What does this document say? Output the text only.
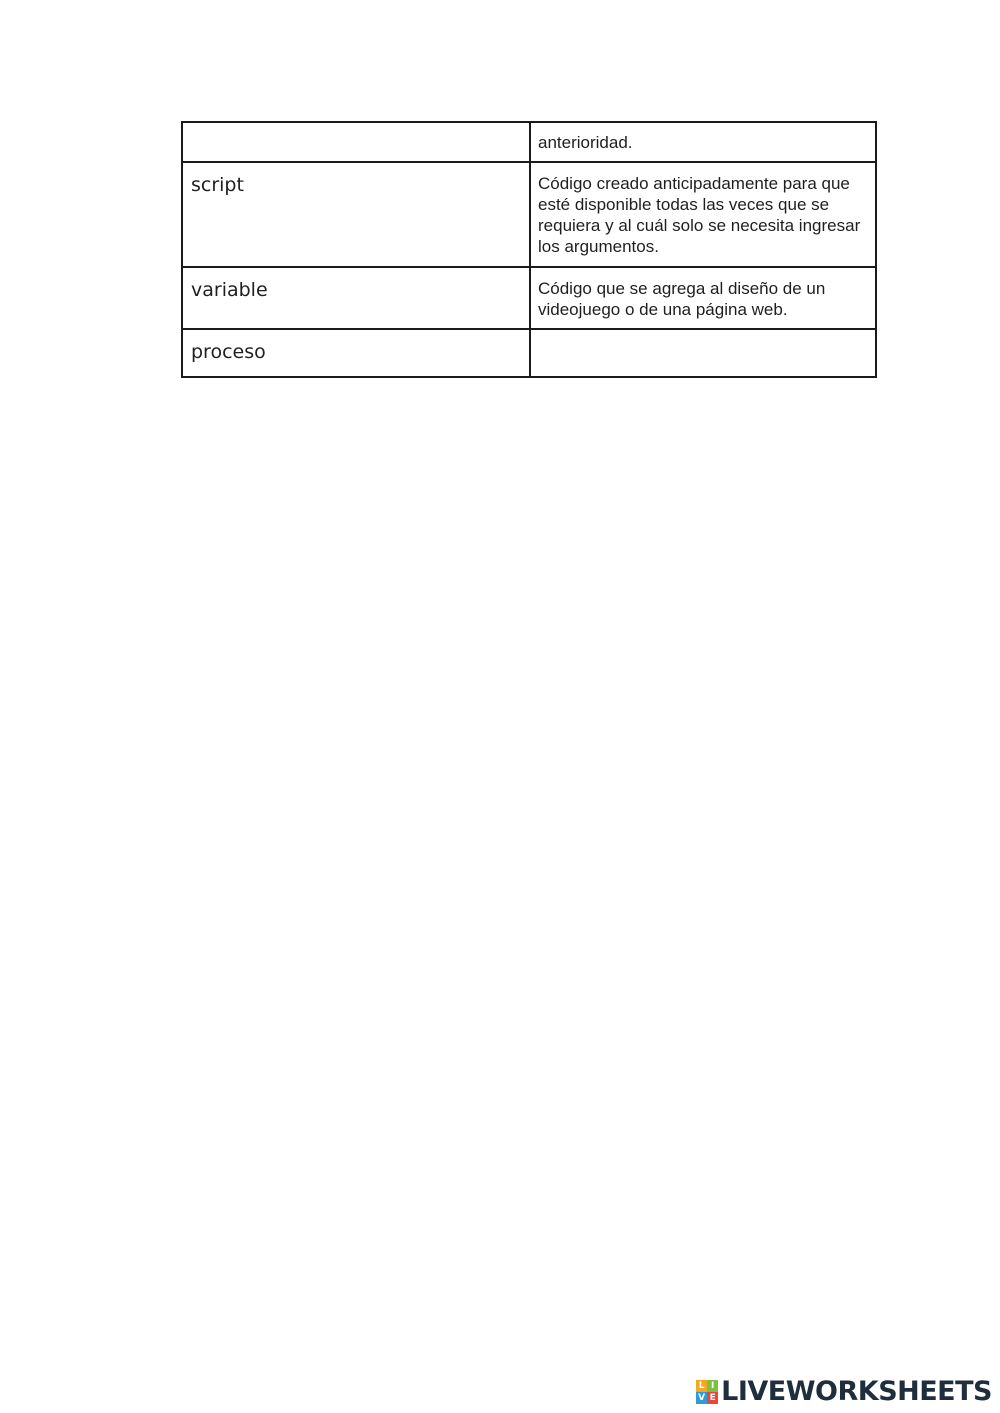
	anterioridad.

script	Código creado anticipadamente para que esté disponible todas las veces que se requiera y al cuál solo se necesita ingresar los argumentos.

variable	Código que se agrega al diseño de un videojuego o de una página web.

proceso	

L I
V E LIVEWORKSHEETS
